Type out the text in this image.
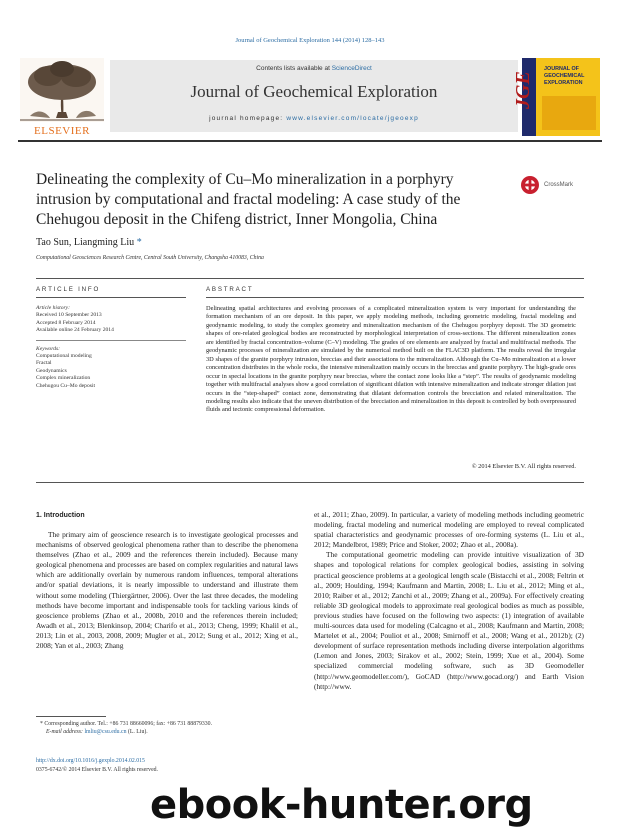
Journal of Geochemical Exploration 144 (2014) 128–143
ELSEVIER
Contents lists available at ScienceDirect
Journal of Geochemical Exploration
journal homepage: www.elsevier.com/locate/jgeoexp
JOURNAL OF
GEOCHEMICAL
EXPLORATION
JGE
Delineating the complexity of Cu–Mo mineralization in a porphyry intrusion by computational and fractal modeling: A case study of the Chehugou deposit in the Chifeng district, Inner Mongolia, China
CrossMark
Tao Sun, Liangming Liu *
Computational Geosciences Research Centre, Central South University, Changsha 410083, China
ARTICLE INFO	ABSTRACT
Article history:
Received 10 September 2013
Accepted 8 February 2014
Available online 24 February 2014
Keywords:
Computational modeling
Fractal
Geodynamics
Complex mineralization
Chehugou Cu–Mo deposit

Delineating spatial architectures and evolving processes of a complicated mineralization system is very important for understanding the formation mechanism of an ore deposit. In this paper, we apply modeling methods, including geometric modeling, fractal modeling and geodynamic modeling, to study the complex geometry and mineralization mechanism of the Chehugou porphyry deposit. The 3D geometric shapes of ore-related geological bodies are reconstructed by morphological interpretation of cross-sections. The different mineralization zones are identified by fractal concentration–volume (C–V) modeling. The grades of ore elements are analyzed by fractal and multifractal methods. The geodynamic processes of mineralization are simulated by the numerical method built on the FLAC3D platform. The results reveal the irregular 3D shapes of the granite porphyry intrusion, breccias and their associations to the mineralization. Although the Cu–Mo mineralization at a lower concentration distributes in the whole rocks, the intensive mineralization mainly occurs in the breccias and granite porphyry. The high-grade ores occur in special locations in the granite porphyry near breccias, where the contact zone looks like a “step”. The results of geodynamic modeling together with multifractal analyses show a good correlation of significant dilation with intensive mineralization and indicate stronger dilation just occurs in the “step-shaped” contact zone, demonstrating that dilatant deformation controls the brecciation and related mineralization. The modeling results also indicate that the uneven distribution of the brecciation and mineralization in this deposit is controlled by both overpressured fluids and tectonic compressional deformation.

© 2014 Elsevier B.V. All rights reserved.
1. Introduction

The primary aim of geoscience research is to investigate geological processes and mechanisms of observed geological phenomena rather than to describe the phenomena themselves (Zhao et al., 2009 and the references therein included). Because many geological phenomena and processes are based on complex regularities and natural laws which are additionally overlain by numerous random influences, temporal alterations and/or spatial deviations, it is nearly impossible to understand and illustrate them without some modeling (Thiergärtner, 2006). Over the last three decades, the modeling methods have become important and indispensable tools for tackling various kinds of geoscience problems (Zhao et al., 2008b, 2010 and the references therein included; Awadh et al., 2013; Blenkinsop, 2004; Charifo et al., 2013; Cheng, 1999; Khalil et al., 2013; Lin et al., 2003, 2008, 2009; Mugler et al., 2012; Sung et al., 2012; Xing et al., 2008; Yan et al., 2003; Zhang

et al., 2011; Zhao, 2009). In particular, a variety of modeling methods including geometric modeling, fractal modeling and numerical modeling are employed to reveal complicated spatial characteristics and geodynamic processes of ore-forming systems (L. Liu et al., 2012; Mandelbrot, 1989; Price and Stoker, 2002; Zhao et al., 2008a).

The computational geometric modeling can provide intuitive visualization of 3D shapes and topological relations for complex geological bodies, assisting in solving practical geoscience problems at a geological length scale (Bistacchi et al., 2008; Feltrin et al., 2009; Houlding, 1994; Kaufmann and Martin, 2008; L. Liu et al., 2012; Ming et al., 2010; Raiber et al., 2012; Zanchi et al., 2009; Zhang et al., 2009a). For effectively creating reliable 3D geological models to approximate real geological bodies as much as possible, previous studies have focused on the following two aspects: (1) integration of available multi-sources data used for modeling (Calcagno et al., 2008; Kaufmann and Martin, 2008; Martelet et al., 2004; Pouliot et al., 2008; Smirnoff et al., 2008; Wang et al., 2012b); (2) development of surface representation methods including diverse interpolation algorithms (Lemon and Jones, 2003; Sirakov et al., 2002; Stein, 1999; Xue et al., 2004). Some specialized commercial modeling software, such as 3D Geomodeller (http://www.geomodeller.com/), GoCAD (http://www.gocad.org/) and Earth Vision (http://www.

* Corresponding author. Tel.: +86 731 88660096; fax: +86 731 88879330.
E-mail address: lmliu@csu.edu.cn (L. Liu).
http://dx.doi.org/10.1016/j.gexplo.2014.02.015
0375-6742/© 2014 Elsevier B.V. All rights reserved.
ebook-hunter.org
